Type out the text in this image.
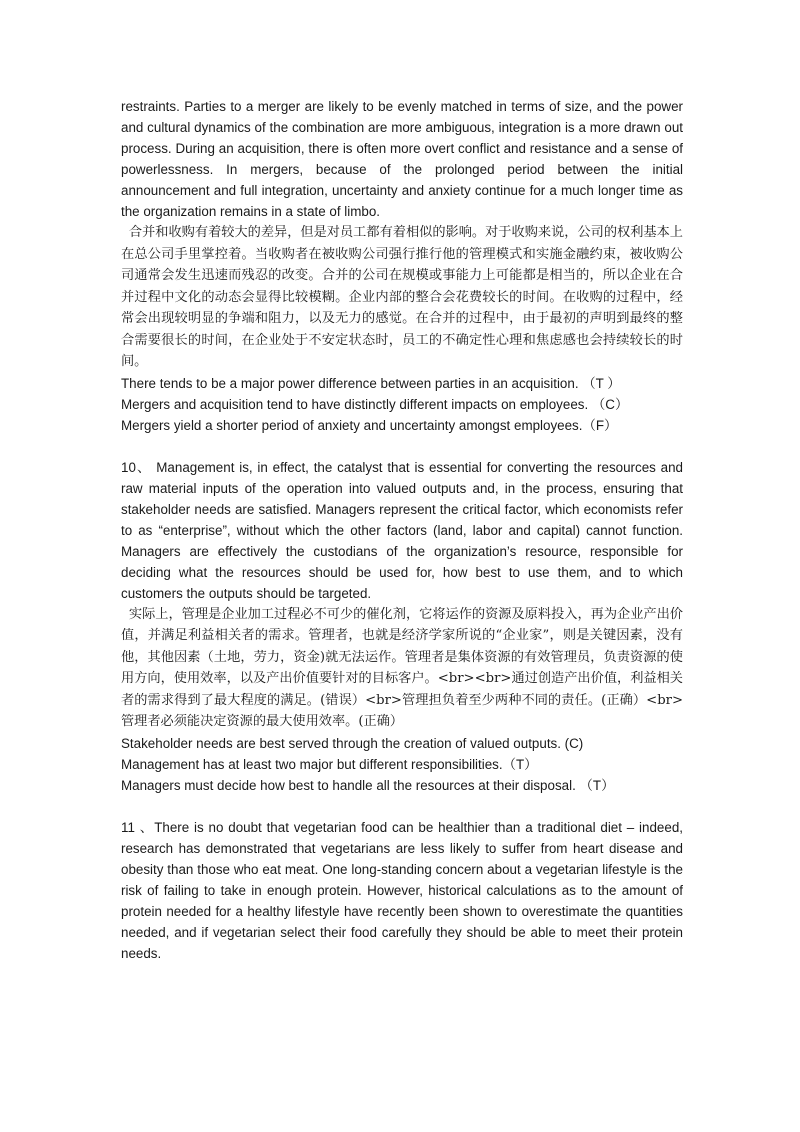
restraints. Parties to a merger are likely to be evenly matched in terms of size, and the power and cultural dynamics of the combination are more ambiguous, integration is a more drawn out process. During an acquisition, there is often more overt conflict and resistance and a sense of powerlessness. In mergers, because of the prolonged period between the initial announcement and full integration, uncertainty and anxiety continue for a much longer time as the organization remains in a state of limbo.

合并和收购有着较大的差异，但是对员工都有着相似的影响。对于收购来说，公司的权利基本上在总公司手里掌控着。当收购者在被收购公司强行推行他的管理模式和实施金融约束，被收购公司通常会发生迅速而残忍的改变。合并的公司在规模或事能力上可能都是相当的，所以企业在合并过程中文化的动态会显得比较模糊。企业内部的整合会花费较长的时间。在收购的过程中，经常会出现较明显的争端和阻力，以及无力的感觉。在合并的过程中，由于最初的声明到最终的整合需要很长的时间，在企业处于不安定状态时，员工的不确定性心理和焦虑感也会持续较长的时间。

There tends to be a major power difference between parties in an acquisition. （T ）

Mergers and acquisition tend to have distinctly different impacts on employees. （C）

Mergers yield a shorter period of anxiety and uncertainty amongst employees.（F）

10、 Management is, in effect, the catalyst that is essential for converting the resources and raw material inputs of the operation into valued outputs and, in the process, ensuring that stakeholder needs are satisfied. Managers represent the critical factor, which economists refer to as “enterprise”, without which the other factors (land, labor and capital) cannot function. Managers are effectively the custodians of the organization’s resource, responsible for deciding what the resources should be used for, how best to use them, and to which customers the outputs should be targeted.

实际上，管理是企业加工过程必不可少的催化剂，它将运作的资源及原料投入，再为企业产出价值，并满足利益相关者的需求。管理者，也就是经济学家所说的“企业家”，则是关键因素，没有他，其他因素（土地，劳力，资金)就无法运作。管理者是集体资源的有效管理员，负责资源的使用方向，使用效率，以及产出价值要针对的目标客户。<br><br>通过创造产出价值，利益相关者的需求得到了最大程度的满足。(错误）<br>管理担负着至少两种不同的责任。(正确）<br>管理者必须能决定资源的最大使用效率。(正确）

Stakeholder needs are best served through the creation of valued outputs. (C)

Management has at least two major but different responsibilities.（T）

Managers must decide how best to handle all the resources at their disposal. （T）

11 、There is no doubt that vegetarian food can be healthier than a traditional diet – indeed, research has demonstrated that vegetarians are less likely to suffer from heart disease and obesity than those who eat meat. One long-standing concern about a vegetarian lifestyle is the risk of failing to take in enough protein. However, historical calculations as to the amount of protein needed for a healthy lifestyle have recently been shown to overestimate the quantities needed, and if vegetarian select their food carefully they should be able to meet their protein needs.
